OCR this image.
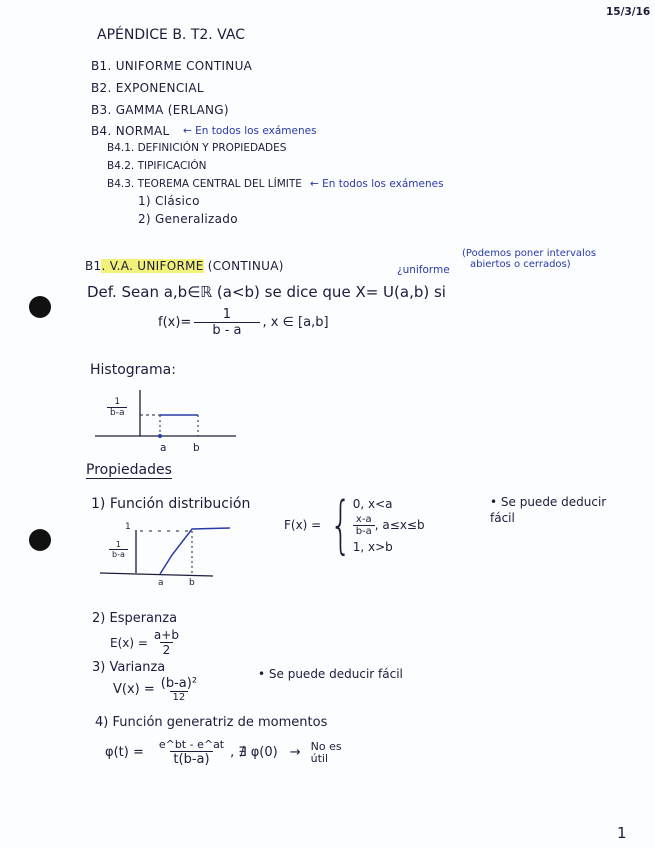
15/3/16
APÉNDICE B. T2. VAC
B1. UNIFORME CONTINUA
B2. EXPONENCIAL
B3. GAMMA (ERLANG)
B4. NORMAL ← En todos los exámenes
B4.1. DEFINICIÓN Y PROPIEDADES
B4.2. TIPIFICACIÓN
B4.3. TEOREMA CENTRAL DEL LÍMITE ← En todos los exámenes
1) Clásico
2) Generalizado
B1. V.A. UNIFORME (CONTINUA)	¿uniforme
(Podemos poner intervalos
abiertos o cerrados)
Def. Sean a,b∈ℝ (a<b) se dice que X= U(a,b) si
$f(x)= \frac{1}{b - a}$ , x ∈ [a,b]
Histograma:
$\frac{1}{b-a}$
a	b
Propiedades
1) Función distribución
1
$\frac{1}{b-a}$
a	b
F(x) = { 0, x<a
$\frac{x-a}{b-a}$ , a≤x≤b
1, x>b
• Se puede deducir fácil
2) Esperanza
$E(x) = \frac{a+b}{2}$
3) Varianza
$V(x) = \frac{\text{(b-a)²}}{12}$
• Se puede deducir fácil
4) Función generatriz de momentos
$\varphi(t) = \frac{e\^{}bt - e\^{}at}{t(b-a)}$ , ∄ φ(0) → No es
útil
1
